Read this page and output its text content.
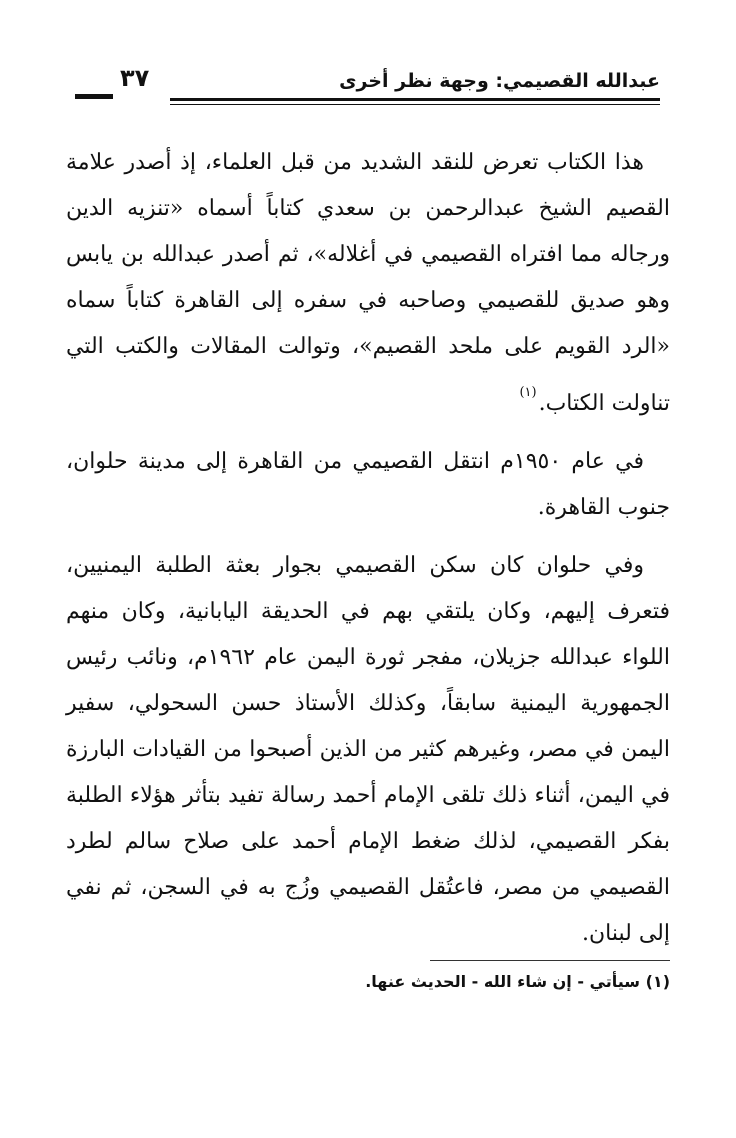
عبدالله القصيمي: وجهة نظر أخرى
٣٧

هذا الكتاب تعرض للنقد الشديد من قبل العلماء، إذ أصدر علامة القصيم الشيخ عبدالرحمن بن سعدي كتاباً أسماه «تنزيه الدين ورجاله مما افتراه القصيمي في أغلاله»، ثم أصدر عبدالله بن يابس وهو صديق للقصيمي وصاحبه في سفره إلى القاهرة كتاباً سماه «الرد القويم على ملحد القصيم»، وتوالت المقالات والكتب التي تناولت الكتاب.$^{(١)}$

في عام ١٩٥٠م انتقل القصيمي من القاهرة إلى مدينة حلوان، جنوب القاهرة.

وفي حلوان كان سكن القصيمي بجوار بعثة الطلبة اليمنيين، فتعرف إليهم، وكان يلتقي بهم في الحديقة اليابانية، وكان منهم اللواء عبدالله جزيلان، مفجر ثورة اليمن عام ١٩٦٢م، ونائب رئيس الجمهورية اليمنية سابقاً، وكذلك الأستاذ حسن السحولي، سفير اليمن في مصر، وغيرهم كثير من الذين أصبحوا من القيادات البارزة في اليمن، أثناء ذلك تلقى الإمام أحمد رسالة تفيد بتأثر هؤلاء الطلبة بفكر القصيمي، لذلك ضغط الإمام أحمد على صلاح سالم لطرد القصيمي من مصر، فاعتُقل القصيمي وزُج به في السجن، ثم نفي إلى لبنان.

(١) سيأتي - إن شاء الله - الحديث عنها.
